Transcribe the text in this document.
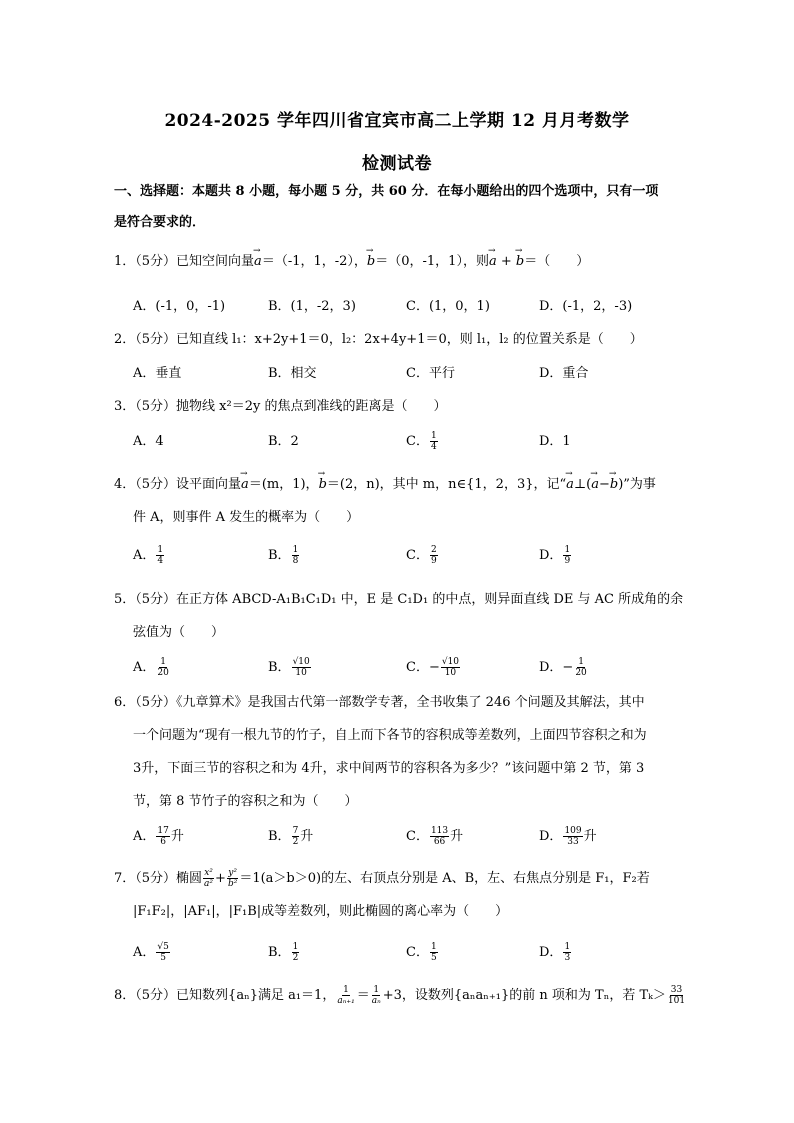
2024-2025 学年四川省宜宾市高二上学期 12 月月考数学
检测试卷
一、选择题：本题共 8 小题，每小题 5 分，共 60 分．在每小题给出的四个选项中，只有一项
是符合要求的．
1．（5分）已知空间向量→ a＝（-1，1，-2），→ b＝（0，-1，1），则→ a + → b＝（　　）
A．(-1，0，-1)	B．(1，-2，3)	C．(1，0，1)	D．(-1，2，-3)
2．（5分）已知直线 l₁：x+2y+1＝0，l₂：2x+4y+1＝0，则 l₁，l₂ 的位置关系是（　　）
A．垂直	B．相交	C．平行	D．重合
3．（5分）抛物线 x²＝2y 的焦点到准线的距离是（　　）
A．4	B．2	C． $\frac{1}{4}$	D．1
4．（5分）设平面向量→ a＝(m，1)，→ b＝(2，n)，其中 m，n∈{1，2，3}，记“→ a⊥(→ a−→ b)”为事
件 A，则事件 A 发生的概率为（　　）
A． $\frac{1}{4}$	B． $\frac{1}{8}$	C． $\frac{2}{9}$	D． $\frac{1}{9}$
5．（5分）在正方体 ABCD-A₁B₁C₁D₁ 中，E 是 C₁D₁ 的中点，则异面直线 DE 与 AC 所成角的余
弦值为（　　）
A． $\frac{1}{20}$	B． $\frac{√10}{10}$	C．− $\frac{√10}{10}$	D．− $\frac{1}{20}$
6．（5分）《九章算术》是我国古代第一部数学专著，全书收集了 246 个问题及其解法，其中
一个问题为“现有一根九节的竹子，自上而下各节的容积成等差数列，上面四节容积之和为
3升，下面三节的容积之和为 4升，求中间两节的容积各为多少？”该问题中第 2 节，第 3
节，第 8 节竹子的容积之和为（　　）
A． $\frac{17}{6}$ 升	B． $\frac{7}{2}$ 升	C． $\frac{113}{66}$ 升	D． $\frac{109}{33}$ 升
7．（5分）椭圆 $\frac{\text{x²}}{\text{a²}} + \frac{\text{y²}}{\text{b²}} =1(a>b>0)$的左、右顶点分别是 A、B，左、右焦点分别是 F₁，F₂若
|F₁F₂|，|AF₁|，|F₁B|成等差数列，则此椭圆的离心率为（　　）
A． $\frac{√5}{5}$	B． $\frac{1}{2}$	C． $\frac{1}{5}$	D． $\frac{1}{3}$
8．（5分）已知数列{aₙ}满足 a₁＝1， $\frac{1}{\text{aₙ₊₁}} = \frac{1}{\text{aₙ}} +3$，设数列{aₙaₙ₊₁}的前 n 项和为 Tₙ，若 $T_k> \frac{33}{101}$
